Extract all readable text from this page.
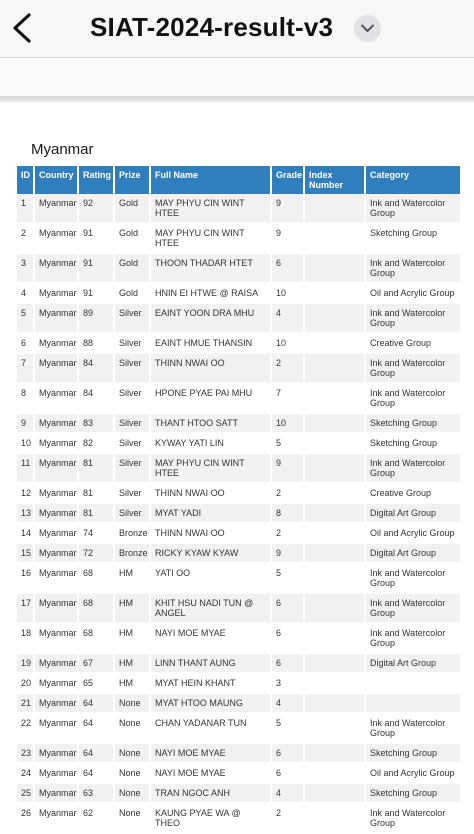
SIAT-2024-result-v3
Myanmar
ID	Country	Rating	Prize	Full Name	Grade	Index Number	Category
1	Myanmar	92	Gold	MAY PHYU CIN WINT HTEE	9		Ink and Watercolor Group
2	Myanmar	91	Gold	MAY PHYU CIN WINT HTEE	9		Sketching Group
3	Myanmar	91	Gold	THOON THADAR HTET	6		Ink and Watercolor Group
4	Myanmar	91	Gold	HNIN EI HTWE @ RAISA	10		Oil and Acrylic Group
5	Myanmar	89	Silver	EAINT YOON DRA MHU	4		Ink and Watercolor Group
6	Myanmar	88	Silver	EAINT HMUE THANSIN	10		Creative Group
7	Myanmar	84	Silver	THINN NWAI OO	2		Ink and Watercolor Group
8	Myanmar	84	Silver	HPONE PYAE PAI MHU	7		Ink and Watercolor Group
9	Myanmar	83	Silver	THANT HTOO SATT	10		Sketching Group
10	Myanmar	82	Silver	KYWAY YATI LIN	5		Sketching Group
11	Myanmar	81	Silver	MAY PHYU CIN WINT HTEE	9		Ink and Watercolor Group
12	Myanmar	81	Silver	THINN NWAI OO	2		Creative Group
13	Myanmar	81	Silver	MYAT YADI	8		Digital Art Group
14	Myanmar	74	Bronze	THINN NWAI OO	2		Oil and Acrylic Group
15	Myanmar	72	Bronze	RICKY KYAW KYAW	9		Digital Art Group
16	Myanmar	68	HM	YATI OO	5		Ink and Watercolor Group
17	Myanmar	68	HM	KHIT HSU NADI TUN @ ANGEL	6		Ink and Watercolor Group
18	Myanmar	68	HM	NAYI MOE MYAE	6		Ink and Watercolor Group
19	Myanmar	67	HM	LINN THANT AUNG	6		Digital Art Group
20	Myanmar	65	HM	MYAT HEIN KHANT	3		
21	Myanmar	64	None	MYAT HTOO MAUNG	4		
22	Myanmar	64	None	CHAN YADANAR TUN	5		Ink and Watercolor Group
23	Myanmar	64	None	NAYI MOE MYAE	6		Sketching Group
24	Myanmar	64	None	NAYI MOE MYAE	6		Oil and Acrylic Group
25	Myanmar	63	None	TRAN NGOC ANH	4		Sketching Group
26	Myanmar	62	None	KAUNG PYAE WA @ THEO	2		Ink and Watercolor Group
